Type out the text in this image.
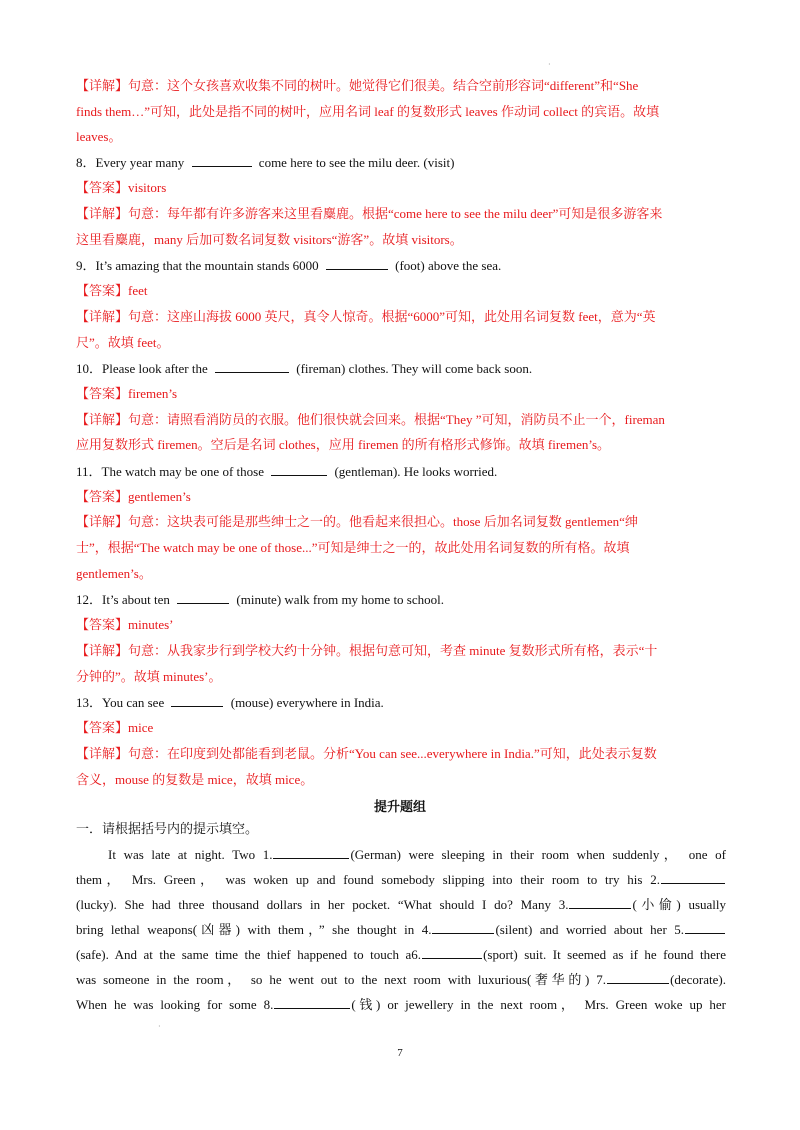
·
·
【详解】句意：这个女孩喜欢收集不同的树叶。她觉得它们很美。结合空前形容词“different”和“She
finds them…”可知，此处是指不同的树叶，应用名词 leaf 的复数形式 leaves 作动词 collect 的宾语。故填
leaves。
8．Every year many	come here to see the milu deer. (visit)
【答案】visitors
【详解】句意：每年都有许多游客来这里看麋鹿。根据“come here to see the milu deer”可知是很多游客来
这里看麋鹿，many 后加可数名词复数 visitors“游客”。故填 visitors。
9．It’s amazing that the mountain stands 6000	(foot) above the sea.
【答案】feet
【详解】句意：这座山海拔 6000 英尺，真令人惊奇。根据“6000”可知，此处用名词复数 feet，意为“英
尺”。故填 feet。
10．Please look after the	(fireman) clothes. They will come back soon.
【答案】firemen’s
【详解】句意：请照看消防员的衣服。他们很快就会回来。根据“They ”可知，消防员不止一个，fireman
应用复数形式 firemen。空后是名词 clothes，应用 firemen 的所有格形式修饰。故填 firemen’s。
11．The watch may be one of those	(gentleman). He looks worried.
【答案】gentlemen’s
【详解】句意：这块表可能是那些绅士之一的。他看起来很担心。those 后加名词复数 gentlemen“绅
士”，根据“The watch may be one of those...”可知是绅士之一的，故此处用名词复数的所有格。故填
gentlemen’s。
12．It’s about ten	(minute) walk from my home to school.
【答案】minutes’
【详解】句意：从我家步行到学校大约十分钟。根据句意可知，考查 minute 复数形式所有格，表示“十
分钟的”。故填 minutes’。
13．You can see	(mouse) everywhere in India.
【答案】mice
【详解】句意：在印度到处都能看到老鼠。分析“You can see...everywhere in India.”可知，此处表示复数
含义，mouse 的复数是 mice，故填 mice。
提升题组
一．请根据括号内的提示填空。
It was late at night. Two 1.	(German) were sleeping in their room when suddenly， one of
them， Mrs. Green， was woken up and found somebody slipping into their room to try his 2.
(lucky). She had three thousand dollars in her pocket. “What should I do? Many 3.	(小偷) usually
bring lethal weapons(凶器) with them，” she thought in 4.	(silent) and worried about her 5.
(safe). And at the same time the thief happened to touch a6.	(sport) suit. It seemed as if he found there
was someone in the room， so he went out to the next room with luxurious(奢华的) 7.	(decorate).
When he was looking for some 8.	(钱) or jewellery in the next room， Mrs. Green woke up her
7
